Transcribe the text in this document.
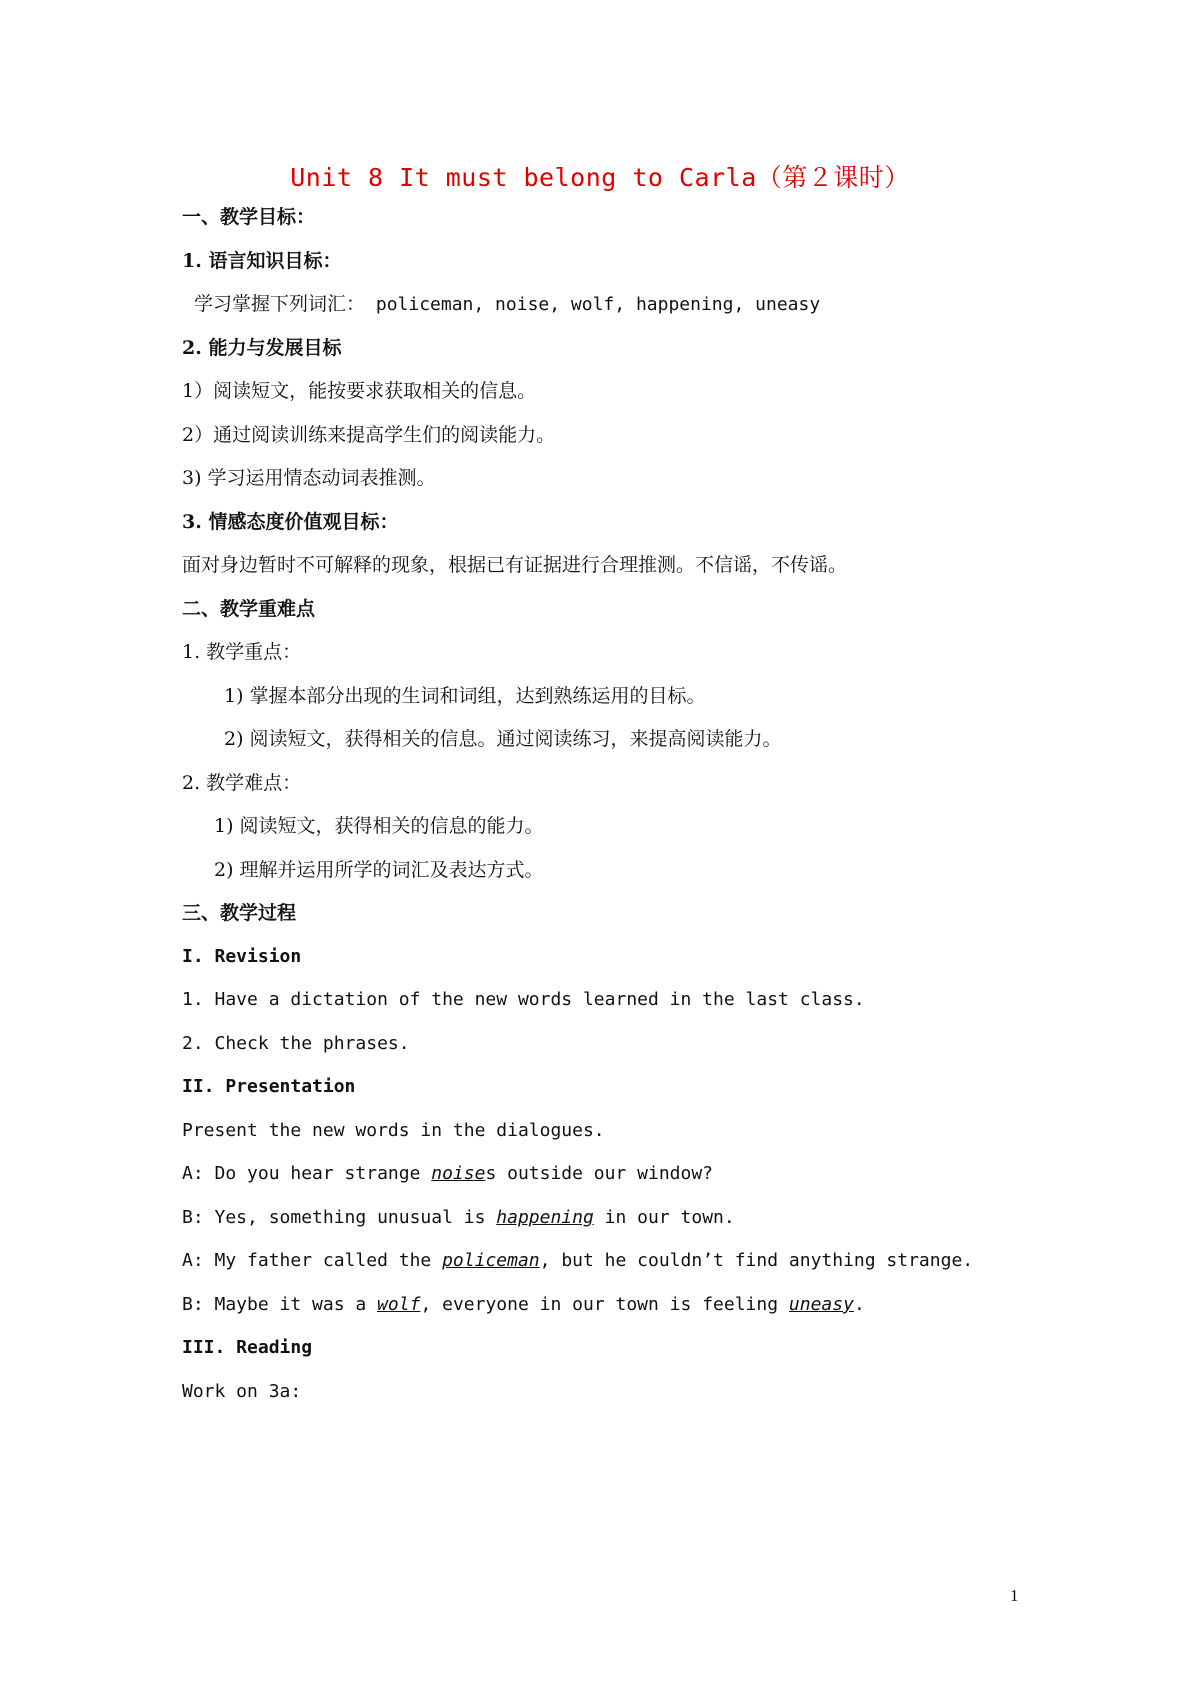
Unit 8 It must belong to Carla（第２课时）
一、教学目标：
1. 语言知识目标：
学习掌握下列词汇： policeman, noise, wolf, happening, uneasy
2. 能力与发展目标
1）阅读短文，能按要求获取相关的信息。
2）通过阅读训练来提高学生们的阅读能力。
3) 学习运用情态动词表推测。
3. 情感态度价值观目标：
面对身边暂时不可解释的现象，根据已有证据进行合理推测。不信谣，不传谣。
二、教学重难点
1. 教学重点：
1) 掌握本部分出现的生词和词组，达到熟练运用的目标。
2) 阅读短文，获得相关的信息。通过阅读练习，来提高阅读能力。
2. 教学难点：
1) 阅读短文，获得相关的信息的能力。
2) 理解并运用所学的词汇及表达方式。
三、教学过程
I. Revision
1. Have a dictation of the new words learned in the last class.
2. Check the phrases.
II. Presentation
Present the new words in the dialogues.
A: Do you hear strange noises outside our window?
B: Yes, something unusual is happening in our town.
A: My father called the policeman, but he couldn’t find anything strange.
B: Maybe it was a wolf, everyone in our town is feeling uneasy.
III. Reading
Work on 3a:
1
